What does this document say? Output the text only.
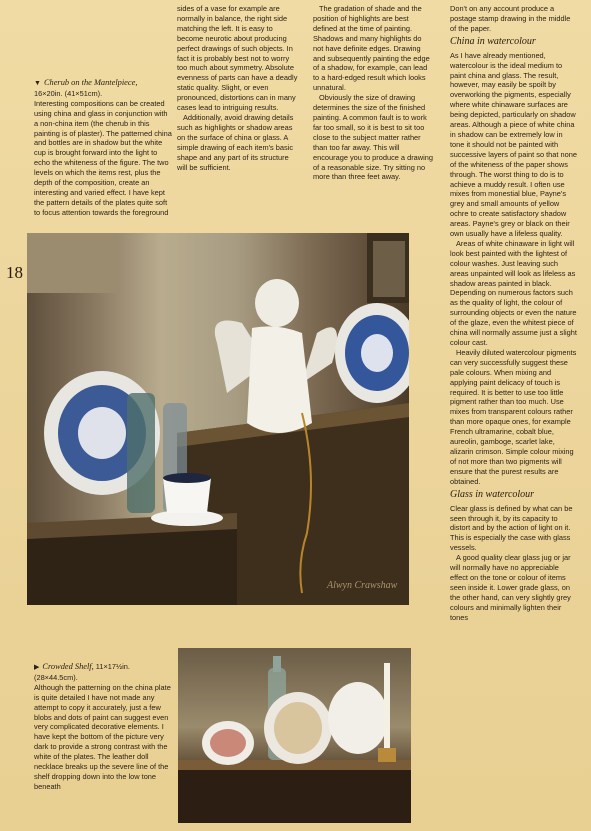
▼ Cherub on the Mantelpiece,
16×20in. (41×51cm).

Interesting compositions can be created using china and glass in conjunction with a non-china item (the cherub in this painting is of plaster). The patterned china and bottles are in shadow but the white cup is brought forward into the light to echo the whiteness of the figure. The two levels on which the items rest, plus the depth of the composition, create an interesting and varied effect. I have kept the pattern details of the plates quite soft to focus attention towards the foreground

sides of a vase for example are normally in balance, the right side matching the left. It is easy to become neurotic about producing perfect drawings of such objects. In fact it is probably best not to worry too much about symmetry. Absolute evenness of parts can have a deadly static quality. Slight, or even pronounced, distortions can in many cases lead to intriguing results.

Additionally, avoid drawing details such as highlights or shadow areas on the surface of china or glass. A simple drawing of each item's basic shape and any part of its structure will be sufficient.

The gradation of shade and the position of highlights are best defined at the time of painting. Shadows and many highlights do not have definite edges. Drawing and subsequently painting the edge of a shadow, for example, can lead to a hard-edged result which looks unnatural.

Obviously the size of drawing determines the size of the finished painting. A common fault is to work far too small, so it is best to sit too close to the subject matter rather than too far away. This will encourage you to produce a drawing of a reasonable size. Try sitting no more than three feet away.

Don't on any account produce a postage stamp drawing in the middle of the paper.

China in watercolour

As I have already mentioned, watercolour is the ideal medium to paint china and glass. The result, however, may easily be spoilt by overworking the pigments, especially where white chinaware surfaces are being depicted, particularly on shadow areas. Although a piece of white china in shadow can be extremely low in tone it should not be painted with successive layers of paint so that none of the whiteness of the paper shows through. The worst thing to do is to achieve a muddy result. I often use mixes from monestial blue, Payne's grey and small amounts of yellow ochre to create satisfactory shadow areas. Payne's grey or black on their own usually have a lifeless quality.

Areas of white chinaware in light will look best painted with the lightest of colour washes. Just leaving such areas unpainted will look as lifeless as shadow areas painted in black. Depending on numerous factors such as the quality of light, the colour of surrounding objects or even the nature of the glaze, even the whitest piece of china will normally assume just a slight colour cast.

Heavily diluted watercolour pigments can very successfully suggest these pale colours. When mixing and applying paint delicacy of touch is required. It is better to use too little pigment rather than too much. Use mixes from transparent colours rather than more opaque ones, for example French ultramarine, cobalt blue, aureolin, gamboge, scarlet lake, alizarin crimson. Simple colour mixing of not more than two pigments will ensure that the purest results are obtained.

Glass in watercolour

Clear glass is defined by what can be seen through it, by its capacity to distort and by the action of light on it. This is especially the case with glass vessels.

A good quality clear glass jug or jar will normally have no appreciable effect on the tone or colour of items seen inside it. Lower grade glass, on the other hand, can very slightly grey colours and minimally lighten their tones

18
Alwyn Crawshaw
▶ Crowded Shelf, 11×17½in. (28×44.5cm).

Although the patterning on the china plate is quite detailed I have not made any attempt to copy it accurately, just a few blobs and dots of paint can suggest even very complicated decorative elements. I have kept the bottom of the picture very dark to provide a strong contrast with the white of the plates. The leather doll necklace breaks up the severe line of the shelf dropping down into the low tone beneath
